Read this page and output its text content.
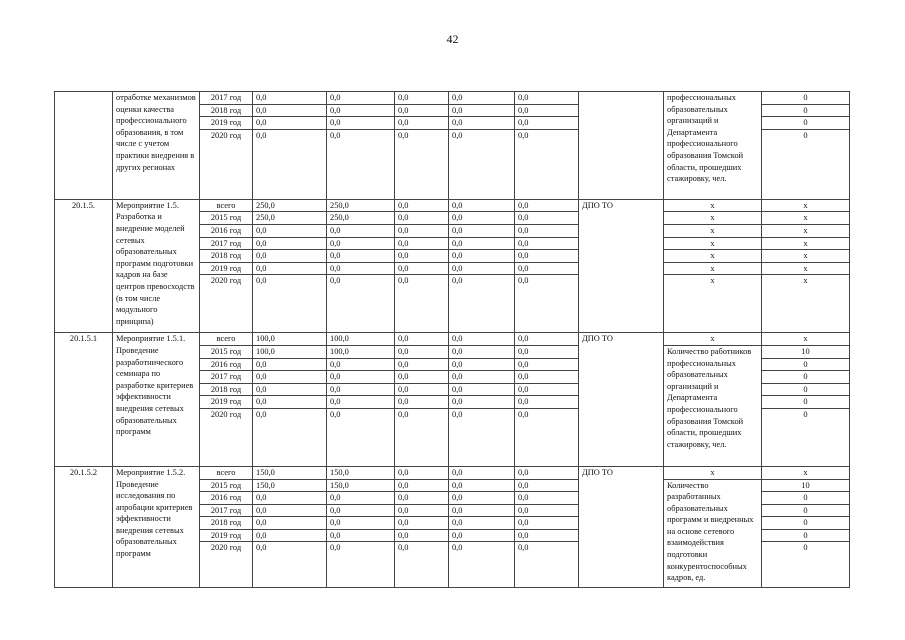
42
	отработке механизмов оценки качества профессионального образования, в том числе с учетом практики внедрения в других регионах	2017 год	0,0	0,0	0,0	0,0	0,0		профессиональных образовательных организаций и Департамента профессионального образования Томской области, прошедших стажировку, чел.	0
		2018 год	0,0	0,0	0,0	0,0	0,0			0
		2019 год	0,0	0,0	0,0	0,0	0,0			0
		2020 год	0,0	0,0	0,0	0,0	0,0			0
20.1.5.	Мероприятие 1.5. Разработка и внедрение моделей сетевых образовательных программ подготовки кадров на базе центров превосходств (в том числе модульного принципа)	всего	250,0	250,0	0,0	0,0	0,0	ДПО ТО	х	х
		2015 год	250,0	250,0	0,0	0,0	0,0		х	х
		2016 год	0,0	0,0	0,0	0,0	0,0		х	х
		2017 год	0,0	0,0	0,0	0,0	0,0		х	х
		2018 год	0,0	0,0	0,0	0,0	0,0		х	х
		2019 год	0,0	0,0	0,0	0,0	0,0		х	х
		2020 год	0,0	0,0	0,0	0,0	0,0		х	х
20.1.5.1	Мероприятие 1.5.1. Проведение разработнического семинара по разработке критериев эффективности внедрения сетевых образовательных программ	всего	100,0	100,0	0,0	0,0	0,0	ДПО ТО	х	х
		2015 год	100,0	100,0	0,0	0,0	0,0		Количество работников профессиональных образовательных организаций и Департамента профессионального образования Томской области, прошедших стажировку, чел.	10
		2016 год	0,0	0,0	0,0	0,0	0,0			0
		2017 год	0,0	0,0	0,0	0,0	0,0			0
		2018 год	0,0	0,0	0,0	0,0	0,0			0
		2019 год	0,0	0,0	0,0	0,0	0,0			0
		2020 год	0,0	0,0	0,0	0,0	0,0			0
20.1.5.2	Мероприятие 1.5.2. Проведение исследования по апробации критериев эффективности внедрения сетевых образовательных программ	всего	150,0	150,0	0,0	0,0	0,0	ДПО ТО	х	х
		2015 год	150,0	150,0	0,0	0,0	0,0		Количество разработанных образовательных программ и внедренных на основе сетевого взаимодействия подготовки конкурентоспособных кадров, ед.	10
		2016 год	0,0	0,0	0,0	0,0	0,0			0
		2017 год	0,0	0,0	0,0	0,0	0,0			0
		2018 год	0,0	0,0	0,0	0,0	0,0			0
		2019 год	0,0	0,0	0,0	0,0	0,0			0
		2020 год	0,0	0,0	0,0	0,0	0,0			0
